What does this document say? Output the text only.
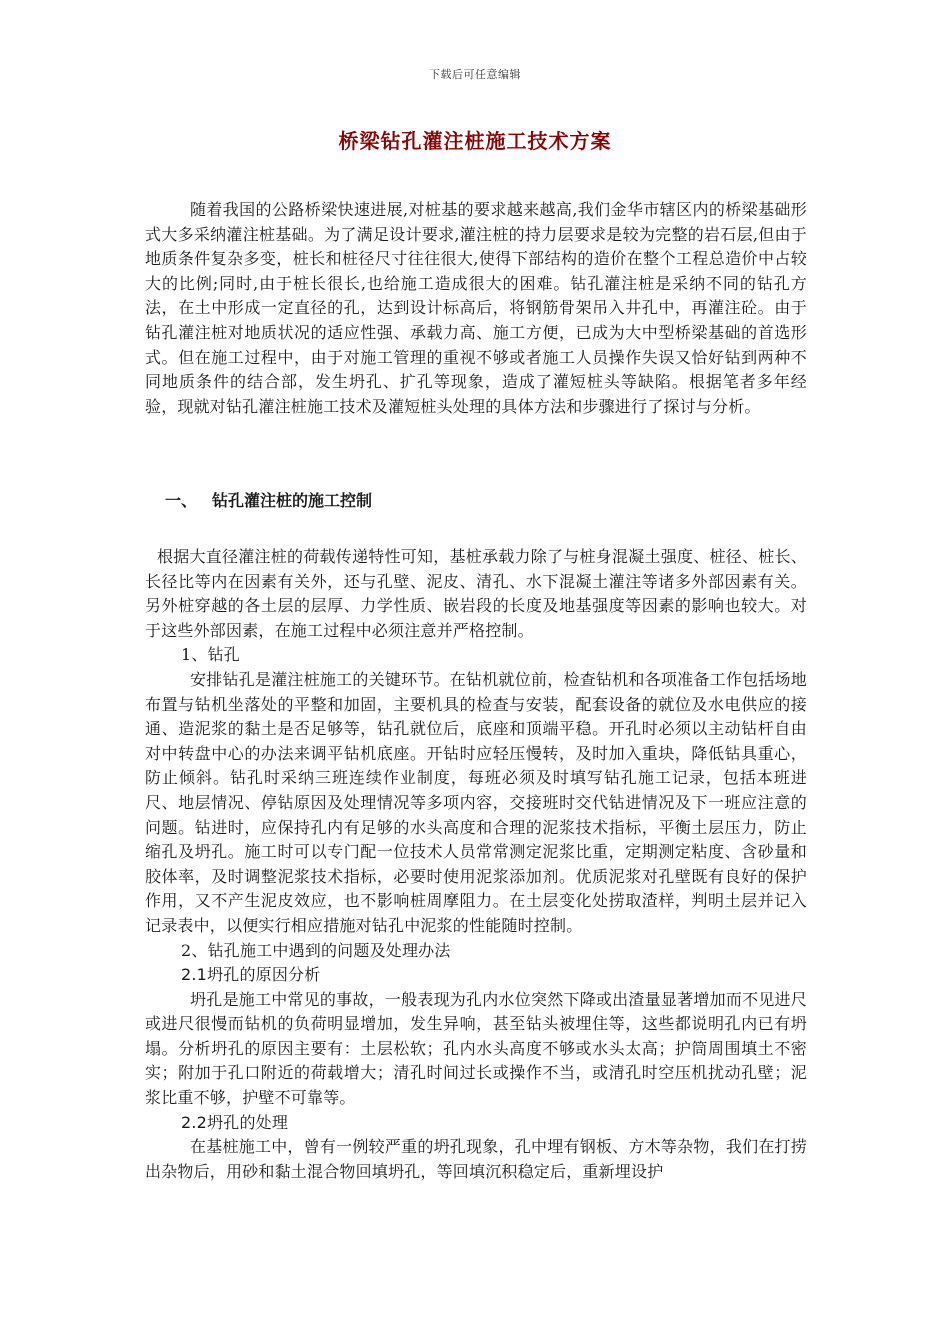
下载后可任意编辑
桥梁钻孔灌注桩施工技术方案

随着我国的公路桥梁快速进展,对桩基的要求越来越高,我们金华市辖区内的桥梁基础形式大多采纳灌注桩基础。为了满足设计要求,灌注桩的持力层要求是较为完整的岩石层,但由于地质条件复杂多变，桩长和桩径尺寸往往很大,使得下部结构的造价在整个工程总造价中占较大的比例;同时,由于桩长很长,也给施工造成很大的困难。钻孔灌注桩是采纳不同的钻孔方法，在土中形成一定直径的孔，达到设计标高后，将钢筋骨架吊入井孔中，再灌注砼。由于钻孔灌注桩对地质状况的适应性强、承载力高、施工方便，已成为大中型桥梁基础的首选形式。但在施工过程中，由于对施工管理的重视不够或者施工人员操作失误又恰好钻到两种不同地质条件的结合部，发生坍孔、扩孔等现象，造成了灌短桩头等缺陷。根据笔者多年经验，现就对钻孔灌注桩施工技术及灌短桩头处理的具体方法和步骤进行了探讨与分析。

一、 钻孔灌注桩的施工控制

根据大直径灌注桩的荷载传递特性可知，基桩承载力除了与桩身混凝土强度、桩径、桩长、长径比等内在因素有关外，还与孔壁、泥皮、清孔、水下混凝土灌注等诸多外部因素有关。另外桩穿越的各土层的层厚、力学性质、嵌岩段的长度及地基强度等因素的影响也较大。对于这些外部因素，在施工过程中必须注意并严格控制。

1、钻孔

安排钻孔是灌注桩施工的关键环节。在钻机就位前，检查钻机和各项准备工作包括场地布置与钻机坐落处的平整和加固，主要机具的检查与安装，配套设备的就位及水电供应的接通、造泥浆的黏土是否足够等，钻孔就位后，底座和顶端平稳。开孔时必须以主动钻杆自由对中转盘中心的办法来调平钻机底座。开钻时应轻压慢转，及时加入重块，降低钻具重心，防止倾斜。钻孔时采纳三班连续作业制度，每班必须及时填写钻孔施工记录，包括本班进尺、地层情况、停钻原因及处理情况等多项内容，交接班时交代钻进情况及下一班应注意的问题。钻进时，应保持孔内有足够的水头高度和合理的泥浆技术指标，平衡土层压力，防止缩孔及坍孔。施工时可以专门配一位技术人员常常测定泥浆比重，定期测定粘度、含砂量和胶体率，及时调整泥浆技术指标，必要时使用泥浆添加剂。优质泥浆对孔壁既有良好的保护作用，又不产生泥皮效应，也不影响桩周摩阻力。在土层变化处捞取渣样，判明土层并记入记录表中，以便实行相应措施对钻孔中泥浆的性能随时控制。

2、钻孔施工中遇到的问题及处理办法

2.1坍孔的原因分析

坍孔是施工中常见的事故，一般表现为孔内水位突然下降或出渣量显著增加而不见进尺或进尺很慢而钻机的负荷明显增加，发生异响，甚至钻头被埋住等，这些都说明孔内已有坍塌。分析坍孔的原因主要有：土层松软；孔内水头高度不够或水头太高；护筒周围填土不密实；附加于孔口附近的荷载增大；清孔时间过长或操作不当，或清孔时空压机扰动孔壁；泥浆比重不够，护壁不可靠等。

2.2坍孔的处理

在基桩施工中，曾有一例较严重的坍孔现象，孔中埋有钢板、方木等杂物，我们在打捞出杂物后，用砂和黏土混合物回填坍孔，等回填沉积稳定后，重新埋设护
